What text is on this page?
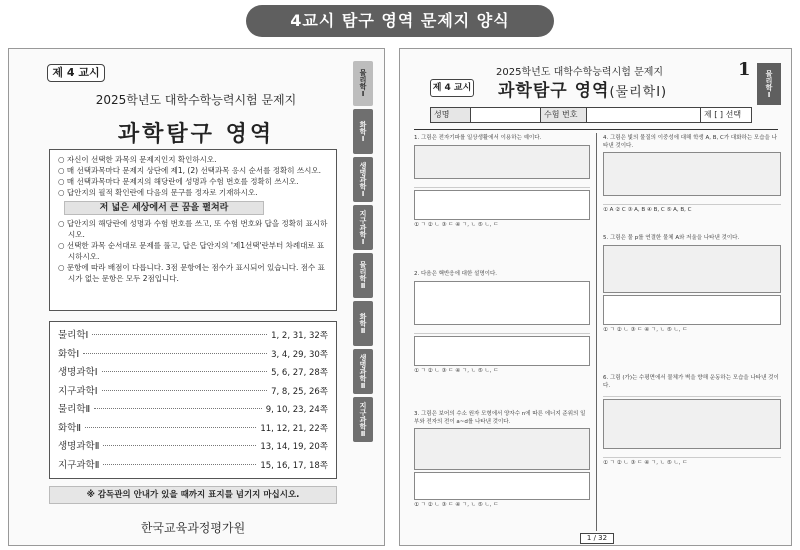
4교시 탐구 영역 문제지 양식
제 4 교시
2025학년도 대학수학능력시험 문제지
과학탐구 영역
○ 자신이 선택한 과목의 문제지인지 확인하시오.
○ 매 선택과목마다 문제지 상단에 제1, (2) 선택과목 응시 순서를 정확히 쓰시오.
○ 매 선택과목마다 문제지의 해당란에 성명과 수험 번호를 정확히 쓰시오.
○ 답안지의 필적 확인란에 다음의 문구를 정자로 기재하시오.
저 넓은 세상에서 큰 꿈을 펼쳐라
○ 답안지의 해당란에 성명과 수험 번호를 쓰고, 또 수험 번호와 답을 정확히 표시하시오.
○ 선택한 과목 순서대로 문제를 풀고, 답은 답안지의 '제1선택'란부터 차례대로 표시하시오.
○ 문항에 따라 배점이 다릅니다. 3점 문항에는 점수가 표시되어 있습니다. 점수 표시가 없는 문항은 모두 2점입니다.
물리학Ⅰ	1, 2, 31, 32쪽
화학Ⅰ	3, 4, 29, 30쪽
생명과학Ⅰ	5, 6, 27, 28쪽
지구과학Ⅰ	7, 8, 25, 26쪽
물리학Ⅱ	9, 10, 23, 24쪽
화학Ⅱ	11, 12, 21, 22쪽
생명과학Ⅱ	13, 14, 19, 20쪽
지구과학Ⅱ	15, 16, 17, 18쪽
※ 감독관의 안내가 있을 때까지 표지를 넘기지 마십시오.
한국교육과정평가원
물리학Ⅰ
화학Ⅰ
생명과학Ⅰ
지구과학Ⅰ
물리학Ⅱ
화학Ⅱ
생명과학Ⅱ
지구과학Ⅱ
2025학년도 대학수학능력시험 문제지	1
제 4 교시 과학탐구 영역(물리학Ⅰ)	물리학Ⅰ
성명	수험 번호	제 [ ] 선택
1. 그림은 전자기파를 일상생활에서 이용하는 예이다.
① ㄱ ② ㄴ ③ ㄷ ④ ㄱ, ㄴ ⑤ ㄴ, ㄷ
2. 다음은 핵반응에 대한 설명이다.
① ㄱ ② ㄴ ③ ㄷ ④ ㄱ, ㄴ ⑤ ㄴ, ㄷ
3. 그림은 보어의 수소 원자 모형에서 양자수 n에 따른 에너지 준위의 일부와 전자의 전이 a~d를 나타낸 것이다.
① ㄱ ② ㄴ ③ ㄷ ④ ㄱ, ㄴ ⑤ ㄴ, ㄷ
4. 그림은 빛의 물질의 이중성에 대해 학생 A, B, C가 대화하는 모습을 나타낸 것이다.
① A ② C ③ A, B ④ B, C ⑤ A, B, C
5. 그림은 물 p를 연결한 물체 A와 저울을 나타낸 것이다.
① ㄱ ② ㄴ ③ ㄷ ④ ㄱ, ㄴ ⑤ ㄴ, ㄷ
6. 그림 (가)는 수평면에서 물체가 벽을 향해 운동하는 모습을 나타낸 것이다.
① ㄱ ② ㄴ ③ ㄷ ④ ㄱ, ㄴ ⑤ ㄴ, ㄷ
1 / 32
